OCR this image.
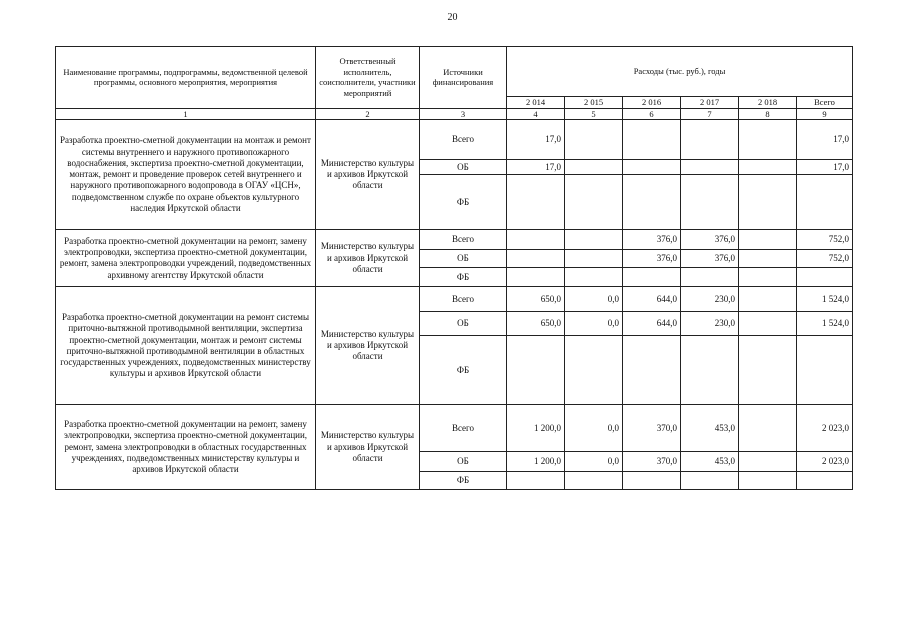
20
Наименование программы, подпрограммы, ведомственной целевой программы, основного мероприятия, мероприятия	Ответственный исполнитель, соисполнители, участники мероприятий	Источники финансирования	Расходы (тыс. руб.), годы					
			2 014	2 015	2 016	2 017	2 018	Всего
1	2	3	4	5	6	7	8	9
Разработка проектно-сметной документации на монтаж и ремонт системы внутреннего и наружного противопожарного водоснабжения, экспертиза проектно-сметной документации, монтаж, ремонт и проведение проверок сетей внутреннего и наружного противопожарного водопровода в ОГАУ «ЦСН», подведомственном службе по охране объектов культурного наследия Иркутской области	Министерство культуры и архивов Иркутской области	Всего	17,0					17,0
		ОБ	17,0					17,0
		ФБ						
Разработка проектно-сметной документации на ремонт, замену электропроводки, экспертиза проектно-сметной документации, ремонт, замена электропроводки учреждений, подведомственных архивному агентству Иркутской области	Министерство культуры и архивов Иркутской области	Всего			376,0	376,0		752,0
		ОБ			376,0	376,0		752,0
		ФБ						
Разработка проектно-сметной документации на ремонт системы приточно-вытяжной противодымной вентиляции, экспертиза проектно-сметной документации, монтаж и ремонт системы приточно-вытяжной противодымной вентиляции в областных государственных учреждениях, подведомственных министерству культуры и архивов Иркутской области	Министерство культуры и архивов Иркутской области	Всего	650,0	0,0	644,0	230,0		1 524,0
		ОБ	650,0	0,0	644,0	230,0		1 524,0
		ФБ						
Разработка проектно-сметной документации на ремонт, замену электропроводки, экспертиза проектно-сметной документации, ремонт, замена электропроводки в областных государственных учреждениях, подведомственных министерству культуры и архивов Иркутской области	Министерство культуры и архивов Иркутской области	Всего	1 200,0	0,0	370,0	453,0		2 023,0
		ОБ	1 200,0	0,0	370,0	453,0		2 023,0
		ФБ						
